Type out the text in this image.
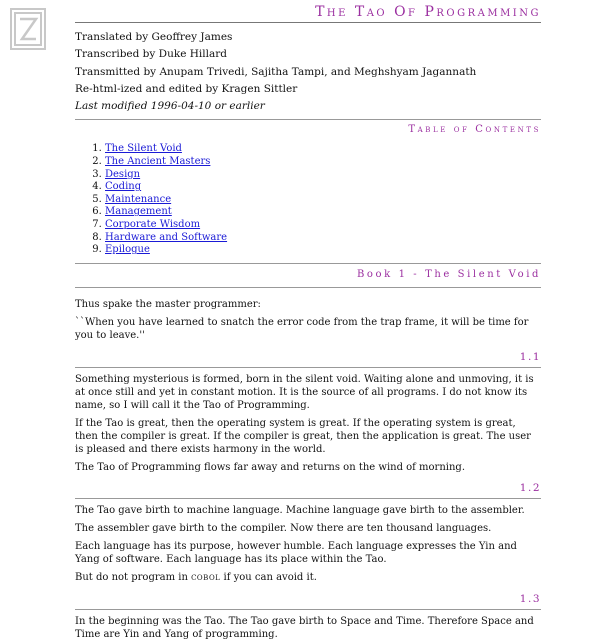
The Tao Of Programming
Translated by Geoffrey James
Transcribed by Duke Hillard
Transmitted by Anupam Trivedi, Sajitha Tampi, and Meghshyam Jagannath
Re-html-ized and edited by Kragen Sittler
Last modified 1996-04-10 or earlier
Table of Contents
1. The Silent Void
2. The Ancient Masters
3. Design
4. Coding
5. Maintenance
6. Management
7. Corporate Wisdom
8. Hardware and Software
9. Epilogue
Book 1 - The Silent Void

Thus spake the master programmer:

``When you have learned to snatch the error code from the trap frame, it will be time for you to leave.''

1.1

Something mysterious is formed, born in the silent void. Waiting alone and unmoving, it is at once still and yet in constant motion. It is the source of all programs. I do not know its name, so I will call it the Tao of Programming.

If the Tao is great, then the operating system is great. If the operating system is great, then the compiler is great. If the compiler is great, then the application is great. The user is pleased and there exists harmony in the world.

The Tao of Programming flows far away and returns on the wind of morning.

1.2

The Tao gave birth to machine language. Machine language gave birth to the assembler.

The assembler gave birth to the compiler. Now there are ten thousand languages.

Each language has its purpose, however humble. Each language expresses the Yin and Yang of software. Each language has its place within the Tao.

But do not program in COBOL if you can avoid it.

1.3

In the beginning was the Tao. The Tao gave birth to Space and Time. Therefore Space and Time are Yin and Yang of programming.
